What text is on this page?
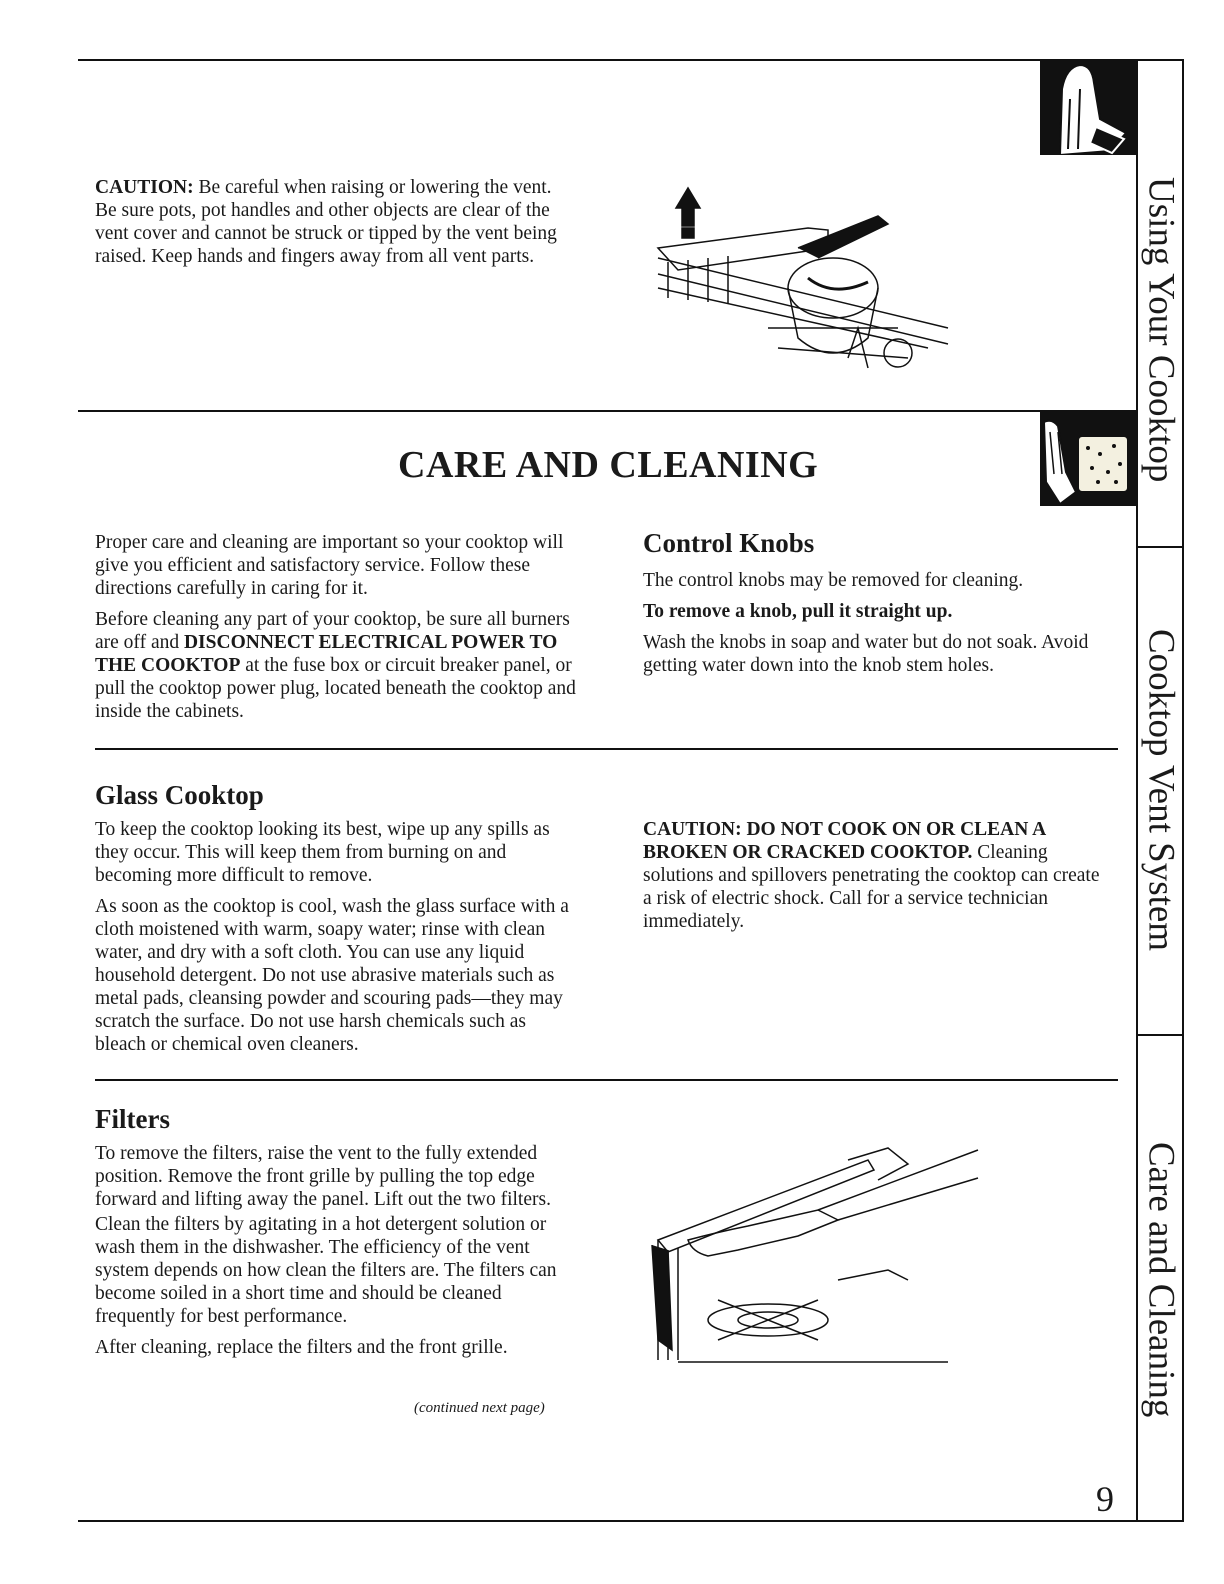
Using Your Cooktop
Cooktop Vent System
Care and Cleaning

CAUTION: Be careful when raising or lowering the vent. Be sure pots, pot handles and other objects are clear of the vent cover and cannot be struck or tipped by the vent being raised. Keep hands and fingers away from all vent parts.

CARE AND CLEANING

Proper care and cleaning are important so your cooktop will give you efficient and satisfactory service. Follow these directions carefully in caring for it.

Before cleaning any part of your cooktop, be sure all burners are off and DISCONNECT ELECTRICAL POWER TO THE COOKTOP at the fuse box or circuit breaker panel, or pull the cooktop power plug, located beneath the cooktop and inside the cabinets.

Control Knobs

The control knobs may be removed for cleaning.

To remove a knob, pull it straight up.

Wash the knobs in soap and water but do not soak. Avoid getting water down into the knob stem holes.

Glass Cooktop

To keep the cooktop looking its best, wipe up any spills as they occur. This will keep them from burning on and becoming more difficult to remove.

As soon as the cooktop is cool, wash the glass surface with a cloth moistened with warm, soapy water; rinse with clean water, and dry with a soft cloth. You can use any liquid household detergent. Do not use abrasive materials such as metal pads, cleansing powder and scouring pads—they may scratch the surface. Do not use harsh chemicals such as bleach or chemical oven cleaners.

CAUTION: DO NOT COOK ON OR CLEAN A BROKEN OR CRACKED COOKTOP. Cleaning solutions and spillovers penetrating the cooktop can create a risk of electric shock. Call for a service technician immediately.

Filters

To remove the filters, raise the vent to the fully extended position. Remove the front grille by pulling the top edge forward and lifting away the panel. Lift out the two filters.

Clean the filters by agitating in a hot detergent solution or wash them in the dishwasher. The efficiency of the vent system depends on how clean the filters are. The filters can become soiled in a short time and should be cleaned frequently for best performance.

After cleaning, replace the filters and the front grille.

(continued next page)
9
